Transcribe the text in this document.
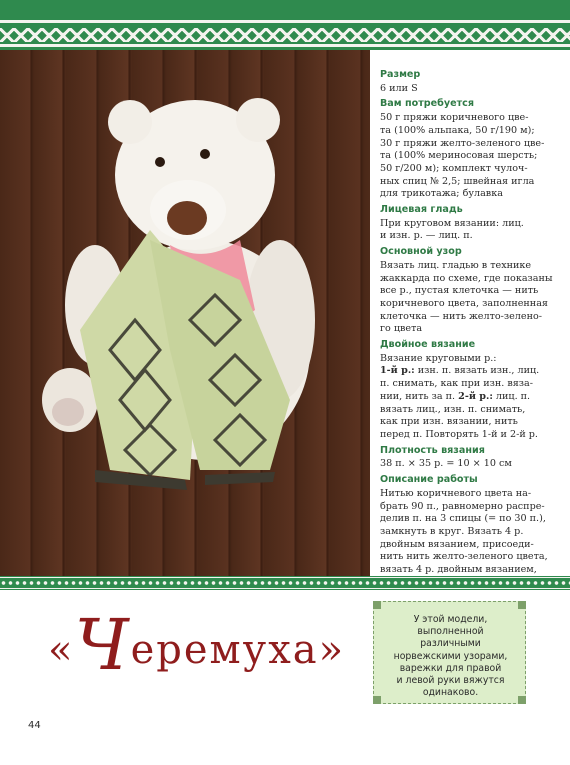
Размер
6 или S
Вам потребуется
50 г пряжи коричневого цве-
та (100% альпака, 50 г/190 м);
30 г пряжи желто-зеленого цве-
та (100% мериносовая шерсть;
50 г/200 м); комплект чулоч-
ных спиц № 2,5; швейная игла
для трикотажа; булавка
Лицевая гладь
При круговом вязании: лиц.
и изн. р. — лиц. п.
Основной узор
Вязать лиц. гладью в технике
жаккарда по схеме, где показаны
все р., пустая клеточка — нить
коричневого цвета, заполненная
клеточка — нить желто-зелено-
го цвета
Двойное вязание
Вязание круговыми р.:
1-й р.: изн. п. вязать изн., лиц.
п. снимать, как при изн. вяза-
нии, нить за п. 2-й р.: лиц. п.
вязать лиц., изн. п. снимать,
как при изн. вязании, нить
перед п. Повторять 1-й и 2-й р.
Плотность вязания
38 п. × 35 р. = 10 × 10 см
Описание работы
Нитью коричневого цвета на-
брать 90 п., равномерно распре-
делив п. на 3 спицы (= по 30 п.),
замкнуть в круг. Вязать 4 р.
двойным вязанием, присоеди-
нить нить желто-зеленого цвета,
вязать 4 р. двойным вязанием,
«Черемуха»
У этой модели,
выполненной
различными
норвежскими узорами,
варежки для правой
и левой руки вяжутся
одинаково.
44
